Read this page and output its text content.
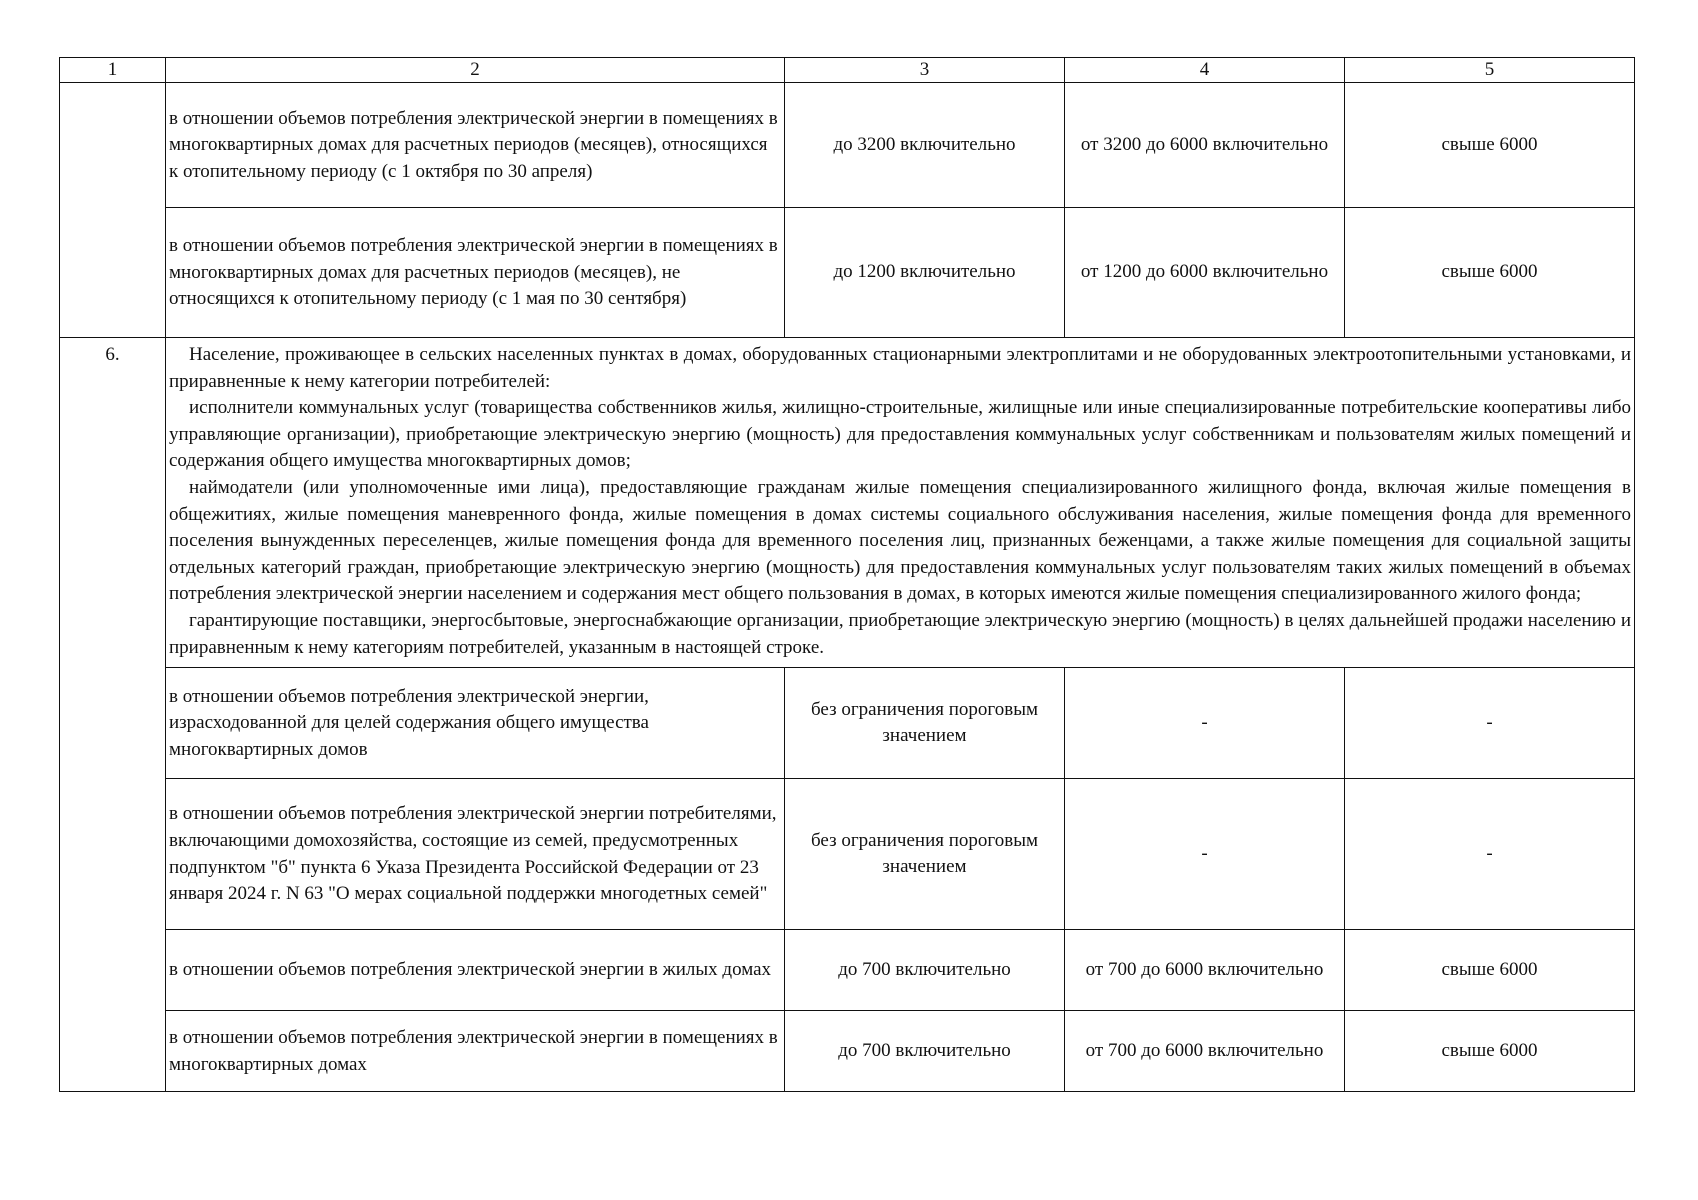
1	2	3	4	5
	в отношении объемов потребления электрической энергии в помещениях в многоквартирных домах для расчетных периодов (месяцев), относящихся к отопительному периоду (с 1 октября по 30 апреля)	до 3200 включительно	от 3200 до 6000 включительно	свыше 6000
	в отношении объемов потребления электрической энергии в помещениях в многоквартирных домах для расчетных периодов (месяцев), не относящихся к отопительному периоду (с 1 мая по 30 сентября)	до 1200 включительно	от 1200 до 6000 включительно	свыше 6000
6.	Население, проживающее в сельских населенных пунктах в домах, оборудованных стационарными электроплитами и не оборудованных электроотопительными установками, и приравненные к нему категории потребителей:

исполнители коммунальных услуг (товарищества собственников жилья, жилищно-строительные, жилищные или иные специализированные потребительские кооперативы либо управляющие организации), приобретающие электрическую энергию (мощность) для предоставления коммунальных услуг собственникам и пользователям жилых помещений и содержания общего имущества многоквартирных домов;

наймодатели (или уполномоченные ими лица), предоставляющие гражданам жилые помещения специализированного жилищного фонда, включая жилые помещения в общежитиях, жилые помещения маневренного фонда, жилые помещения в домах системы социального обслуживания населения, жилые помещения фонда для временного поселения вынужденных переселенцев, жилые помещения фонда для временного поселения лиц, признанных беженцами, а также жилые помещения для социальной защиты отдельных категорий граждан, приобретающие электрическую энергию (мощность) для предоставления коммунальных услуг пользователям таких жилых помещений в объемах потребления электрической энергии населением и содержания мест общего пользования в домах, в которых имеются жилые помещения специализированного жилого фонда;

гарантирующие поставщики, энергосбытовые, энергоснабжающие организации, приобретающие электрическую энергию (мощность) в целях дальнейшей продажи населению и приравненным к нему категориям потребителей, указанным в настоящей строке.			

	в отношении объемов потребления электрической энергии, израсходованной для целей содержания общего имущества многоквартирных домов	без ограничения пороговым значением	-	-
	в отношении объемов потребления электрической энергии потребителями, включающими домохозяйства, состоящие из семей, предусмотренных подпунктом "б" пункта 6 Указа Президента Российской Федерации от 23 января 2024 г. N 63 "О мерах социальной поддержки многодетных семей"	без ограничения пороговым значением	-	-
	в отношении объемов потребления электрической энергии в жилых домах	до 700 включительно	от 700 до 6000 включительно	свыше 6000
	в отношении объемов потребления электрической энергии в помещениях в многоквартирных домах	до 700 включительно	от 700 до 6000 включительно	свыше 6000
